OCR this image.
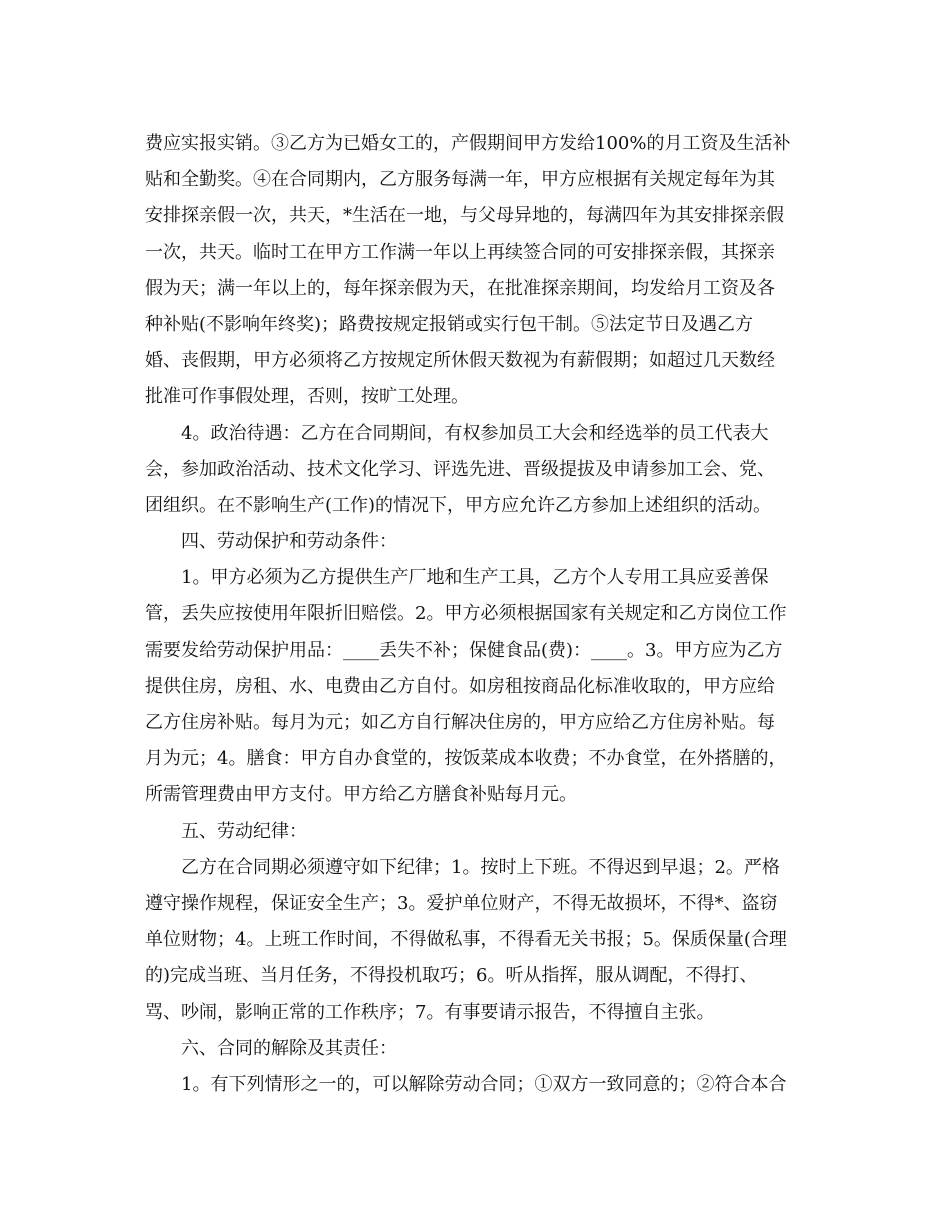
费应实报实销。③乙方为已婚女工的，产假期间甲方发给100%的月工资及生活补
贴和全勤奖。④在合同期内，乙方服务每满一年，甲方应根据有关规定每年为其
安排探亲假一次，共天，*生活在一地，与父母异地的，每满四年为其安排探亲假
一次，共天。临时工在甲方工作满一年以上再续签合同的可安排探亲假，其探亲
假为天；满一年以上的，每年探亲假为天，在批准探亲期间，均发给月工资及各
种补贴(不影响年终奖)；路费按规定报销或实行包干制。⑤法定节日及遇乙方
婚、丧假期，甲方必须将乙方按规定所休假天数视为有薪假期；如超过几天数经
批准可作事假处理，否则，按旷工处理。
　　4。政治待遇：乙方在合同期间，有权参加员工大会和经选举的员工代表大
会，参加政治活动、技术文化学习、评选先进、晋级提拔及申请参加工会、党、
团组织。在不影响生产(工作)的情况下，甲方应允许乙方参加上述组织的活动。
　　四、劳动保护和劳动条件：
　　1。甲方必须为乙方提供生产厂地和生产工具，乙方个人专用工具应妥善保
管，丢失应按使用年限折旧赔偿。2。甲方必须根据国家有关规定和乙方岗位工作
需要发给劳动保护用品：____丢失不补；保健食品(费)：____。3。甲方应为乙方
提供住房，房租、水、电费由乙方自付。如房租按商品化标准收取的，甲方应给
乙方住房补贴。每月为元；如乙方自行解决住房的，甲方应给乙方住房补贴。每
月为元；4。膳食：甲方自办食堂的，按饭菜成本收费；不办食堂，在外搭膳的，
所需管理费由甲方支付。甲方给乙方膳食补贴每月元。
　　五、劳动纪律：
　　乙方在合同期必须遵守如下纪律；1。按时上下班。不得迟到早退；2。严格
遵守操作规程，保证安全生产；3。爱护单位财产，不得无故损坏，不得*、盗窃
单位财物；4。上班工作时间，不得做私事，不得看无关书报；5。保质保量(合理
的)完成当班、当月任务，不得投机取巧；6。听从指挥，服从调配，不得打、
骂、吵闹，影响正常的工作秩序；7。有事要请示报告，不得擅自主张。
　　六、合同的解除及其责任：
　　1。有下列情形之一的，可以解除劳动合同；①双方一致同意的；②符合本合
